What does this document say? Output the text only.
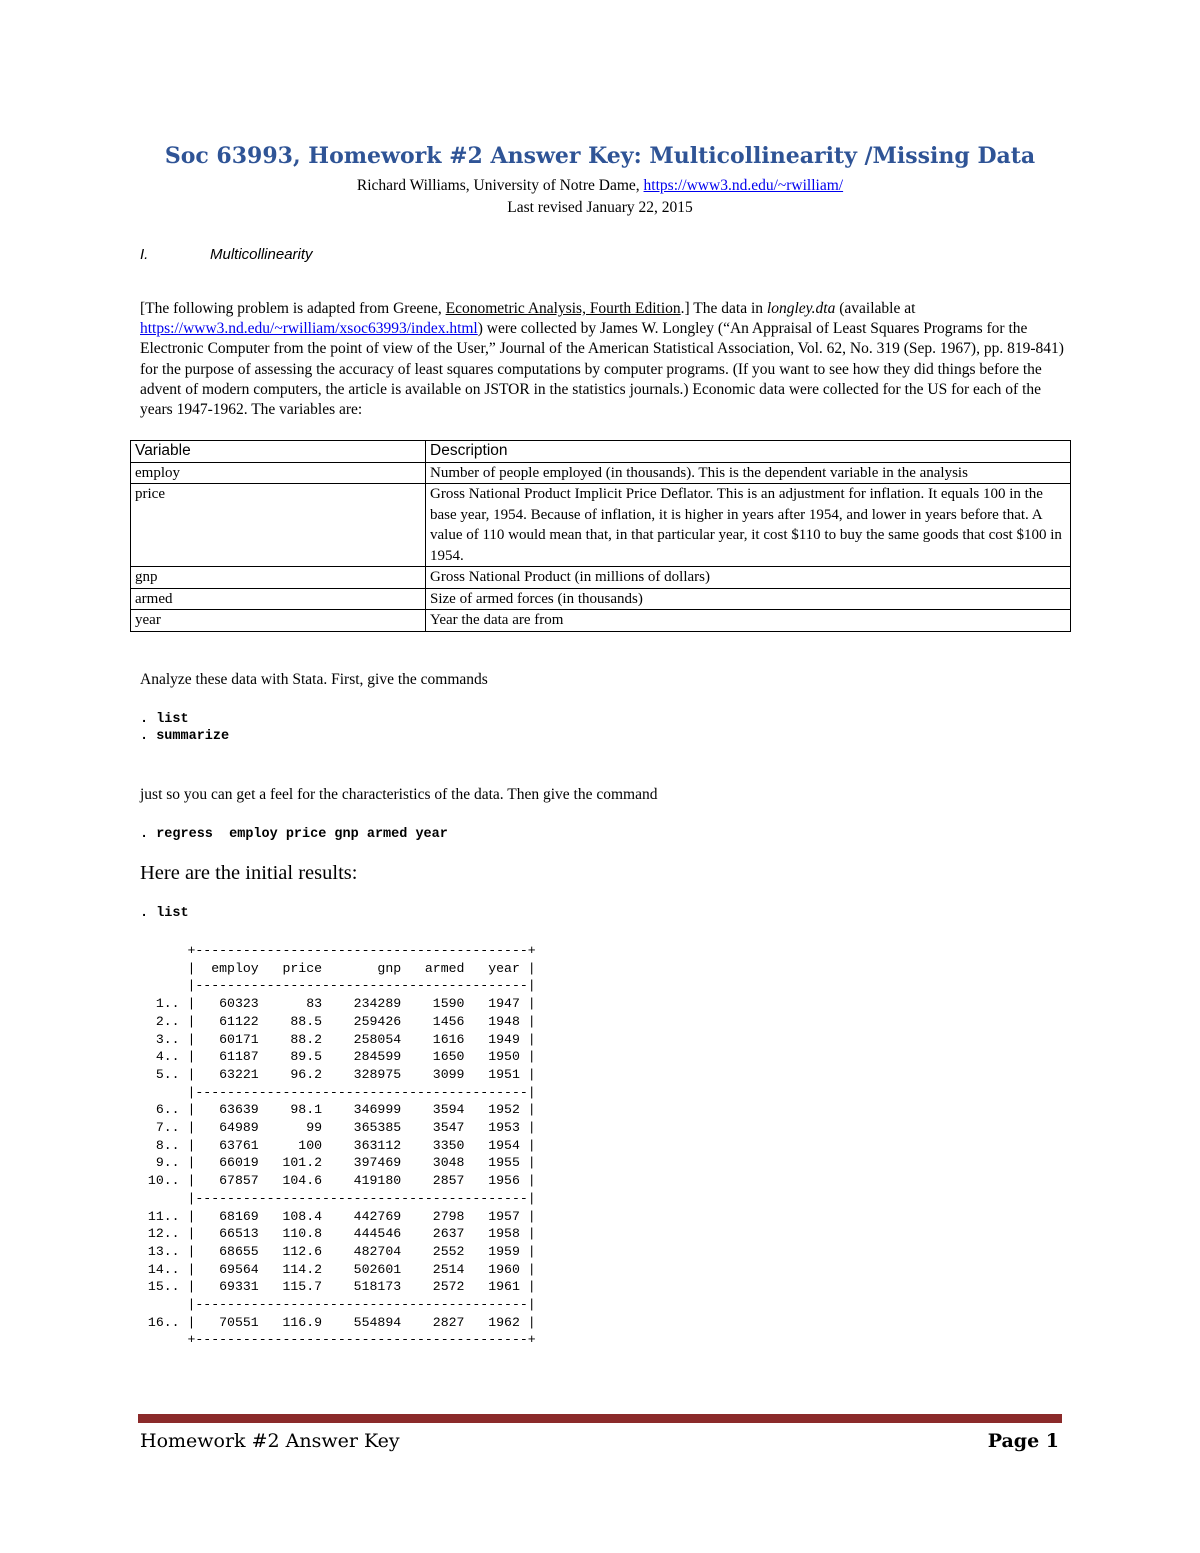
Soc 63993, Homework #2 Answer Key: Multicollinearity /Missing Data
Richard Williams, University of Notre Dame, https://www3.nd.edu/~rwilliam/
Last revised January 22, 2015
I.	Multicollinearity
[The following problem is adapted from Greene, Econometric Analysis, Fourth Edition.] The data in longley.dta (available at https://www3.nd.edu/~rwilliam/xsoc63993/index.html) were collected by James W. Longley (“An Appraisal of Least Squares Programs for the Electronic Computer from the point of view of the User,” Journal of the American Statistical Association, Vol. 62, No. 319 (Sep. 1967), pp. 819-841) for the purpose of assessing the accuracy of least squares computations by computer programs. (If you want to see how they did things before the advent of modern computers, the article is available on JSTOR in the statistics journals.) Economic data were collected for the US for each of the years 1947-1962. The variables are:
Variable	Description
employ	Number of people employed (in thousands). This is the dependent variable in the analysis
price	Gross National Product Implicit Price Deflator. This is an adjustment for inflation. It equals 100 in the base year, 1954. Because of inflation, it is higher in years after 1954, and lower in years before that. A value of 110 would mean that, in that particular year, it cost $110 to buy the same goods that cost $100 in 1954.
gnp	Gross National Product (in millions of dollars)
armed	Size of armed forces (in thousands)
year	Year the data are from
Analyze these data with Stata. First, give the commands
. list
. summarize
just so you can get a feel for the characteristics of the data. Then give the command
. regress  employ price gnp armed year
Here are the initial results:
. list
+------------------------------------------+
|  employ   price       gnp   armed   year |
|------------------------------------------|
1.. |   60323      83    234289    1590   1947 |
2.. |   61122    88.5    259426    1456   1948 |
3.. |   60171    88.2    258054    1616   1949 |
4.. |   61187    89.5    284599    1650   1950 |
5.. |   63221    96.2    328975    3099   1951 |
|------------------------------------------|
6.. |   63639    98.1    346999    3594   1952 |
7.. |   64989      99    365385    3547   1953 |
8.. |   63761     100    363112    3350   1954 |
9.. |   66019   101.2    397469    3048   1955 |
10.. |   67857   104.6    419180    2857   1956 |
|------------------------------------------|
11.. |   68169   108.4    442769    2798   1957 |
12.. |   66513   110.8    444546    2637   1958 |
13.. |   68655   112.6    482704    2552   1959 |
14.. |   69564   114.2    502601    2514   1960 |
15.. |   69331   115.7    518173    2572   1961 |
|------------------------------------------|
16.. |   70551   116.9    554894    2827   1962 |
+------------------------------------------+

Homework #2 Answer Key	Page 1
